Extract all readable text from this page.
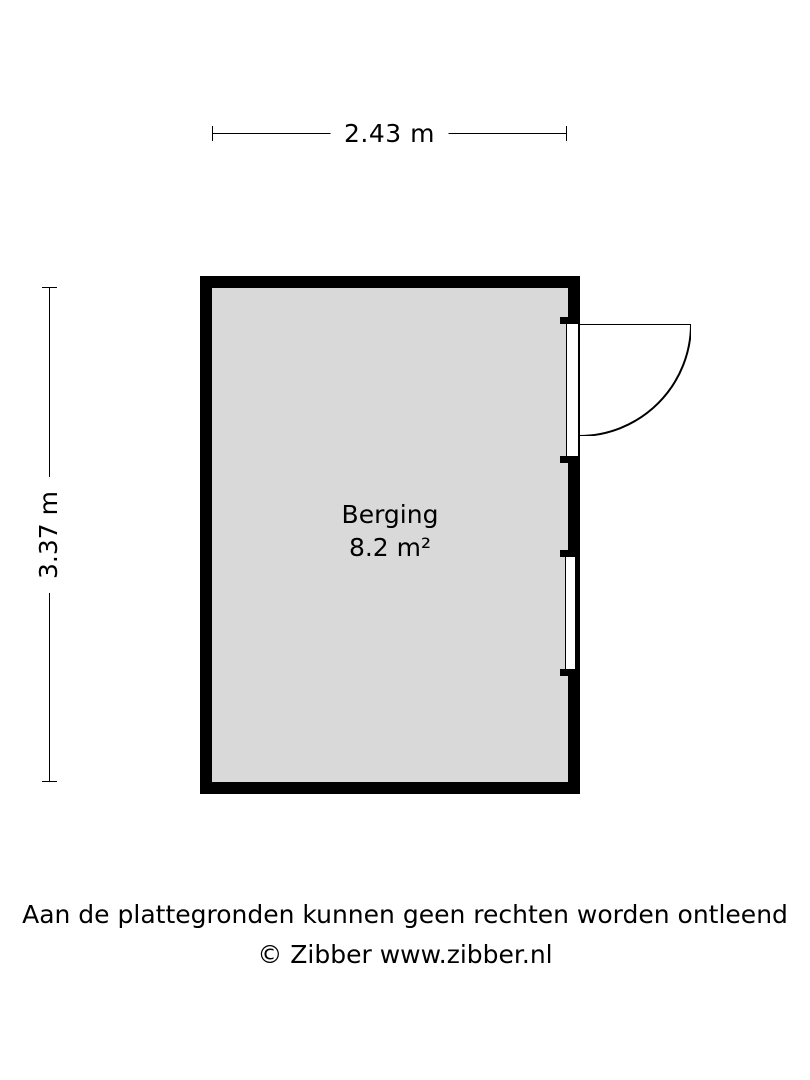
2.43 m
3.37 m	Berging
8.2 m²
Aan de plattegronden kunnen geen rechten worden ontleend
© Zibber www.zibber.nl
